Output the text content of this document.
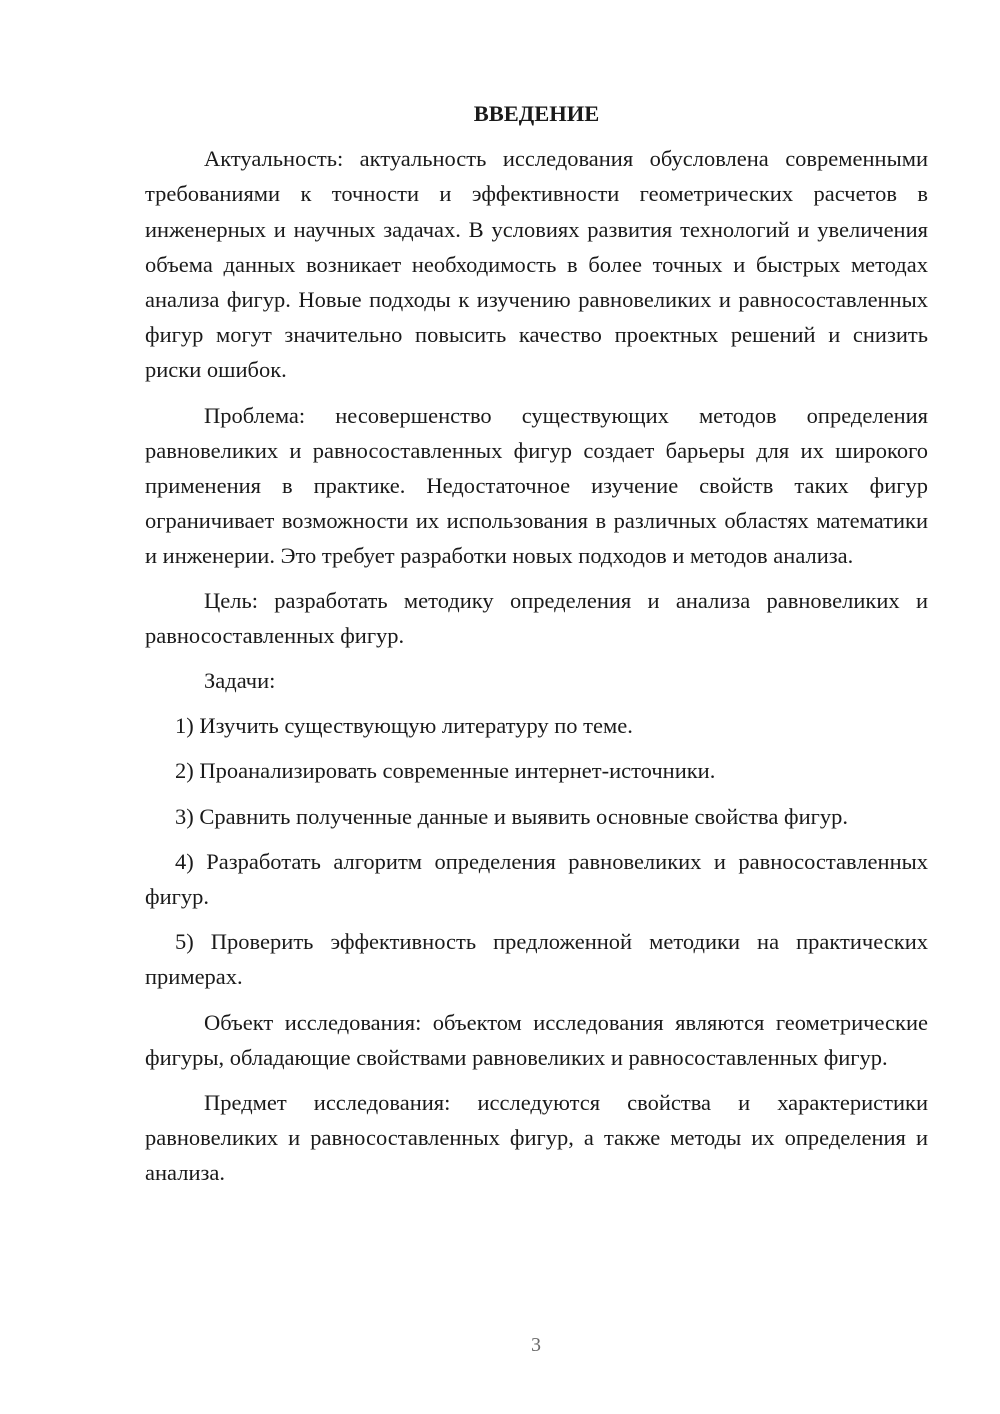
ВВЕДЕНИЕ

Актуальность: актуальность исследования обусловлена современными требованиями к точности и эффективности геометрических расчетов в инженерных и научных задачах. В условиях развития технологий и увеличения объема данных возникает необходимость в более точных и быстрых методах анализа фигур. Новые подходы к изучению равновеликих и равносоставленных фигур могут значительно повысить качество проектных решений и снизить риски ошибок.

Проблема: несовершенство существующих методов определения равновеликих и равносоставленных фигур создает барьеры для их широкого применения в практике. Недостаточное изучение свойств таких фигур ограничивает возможности их использования в различных областях математики и инженерии. Это требует разработки новых подходов и методов анализа.

Цель: разработать методику определения и анализа равновеликих и равносоставленных фигур.

Задачи:

1) Изучить существующую литературу по теме.

2) Проанализировать современные интернет-источники.

3) Сравнить полученные данные и выявить основные свойства фигур.

4) Разработать алгоритм определения равновеликих и равносоставленных фигур.

5) Проверить эффективность предложенной методики на практических примерах.

Объект исследования: объектом исследования являются геометрические фигуры, обладающие свойствами равновеликих и равносоставленных фигур.

Предмет исследования: исследуются свойства и характеристики равновеликих и равносоставленных фигур, а также методы их определения и анализа.

3
